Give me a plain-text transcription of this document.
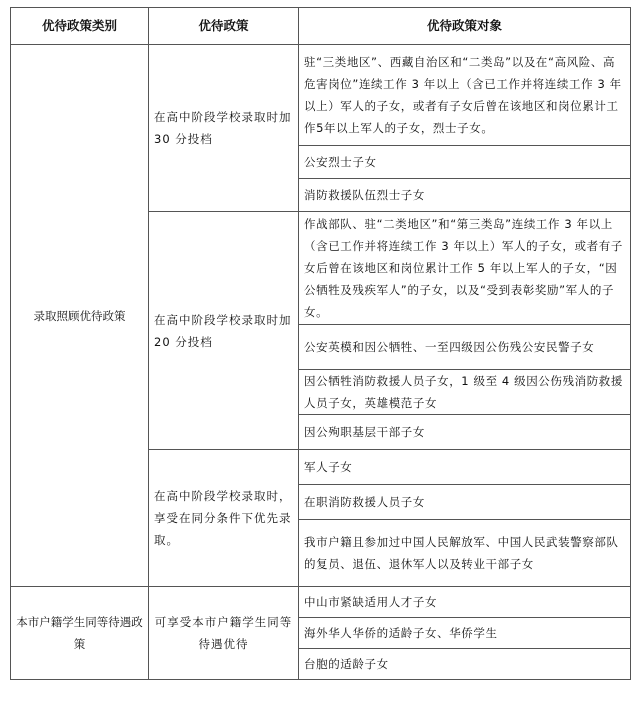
优待政策类别	优待政策	优待政策对象
录取照顾优待政策	在高中阶段学校录取时加 30 分投档	驻“三类地区”、西藏自治区和“二类岛”以及在“高风险、高危害岗位”连续工作 3 年以上（含已工作并将连续工作 3 年以上）军人的子女，或者有子女后曾在该地区和岗位累计工作5年以上军人的子女，烈士子女。
		公安烈士子女
		消防救援队伍烈士子女
	在高中阶段学校录取时加 20 分投档	作战部队、驻“二类地区”和“第三类岛”连续工作 3 年以上（含已工作并将连续工作 3 年以上）军人的子女，或者有子女后曾在该地区和岗位累计工作 5 年以上军人的子女，“因公牺牲及残疾军人”的子女，以及“受到表彰奖励”军人的子女。
		公安英模和因公牺牲、一至四级因公伤残公安民警子女
		因公牺牲消防救援人员子女，1 级至 4 级因公伤残消防救援人员子女，英雄模范子女
		因公殉职基层干部子女
	在高中阶段学校录取时，享受在同分条件下优先录取。	军人子女
		在职消防救援人员子女
		我市户籍且参加过中国人民解放军、中国人民武装警察部队的复员、退伍、退休军人以及转业干部子女
本市户籍学生同等待遇政策	可享受本市户籍学生同等待遇优待	中山市紧缺适用人才子女
		海外华人华侨的适龄子女、华侨学生
		台胞的适龄子女
